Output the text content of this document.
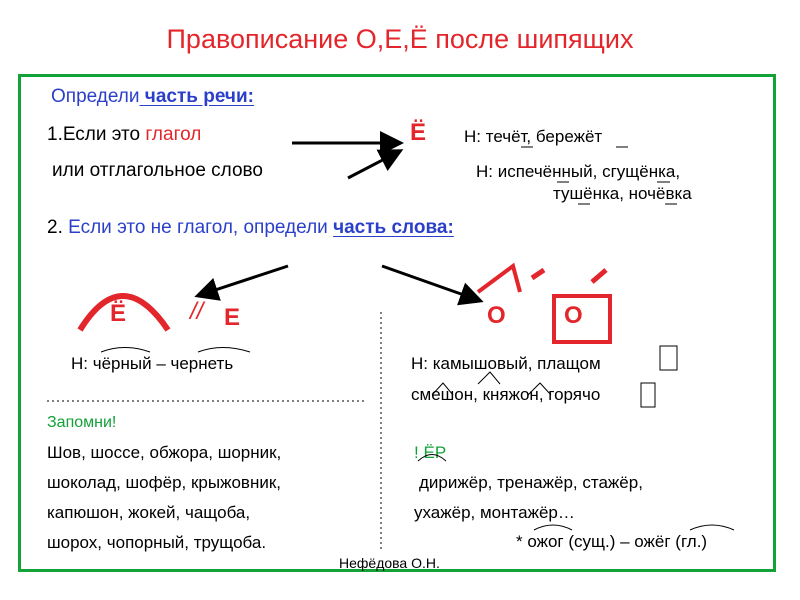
Правописание О,Е,Ё после шипящих
Определи часть речи:
1.Если это глагол	Ё Н: течёт, бережёт
или отглагольное слово	Н: испечённый, сгущёнка,
тушёнка, ночёвка
2. Если это не глагол, определи часть слова:
Ё	// Е
Н: чёрный – чернеть
О О
Н: камышовый, плащом
смешон, княжон, горячо
Запомни!
Шов, шоссе, обжора, шорник,
шоколад, шофёр, крыжовник,
капюшон, жокей, чащоба,
шорох, чопорный, трущоба.
! ЁР
дирижёр, тренажёр, стажёр,
ухажёр, монтажёр…
* ожог (сущ.) – ожёг (гл.)
Нефёдова О.Н.
